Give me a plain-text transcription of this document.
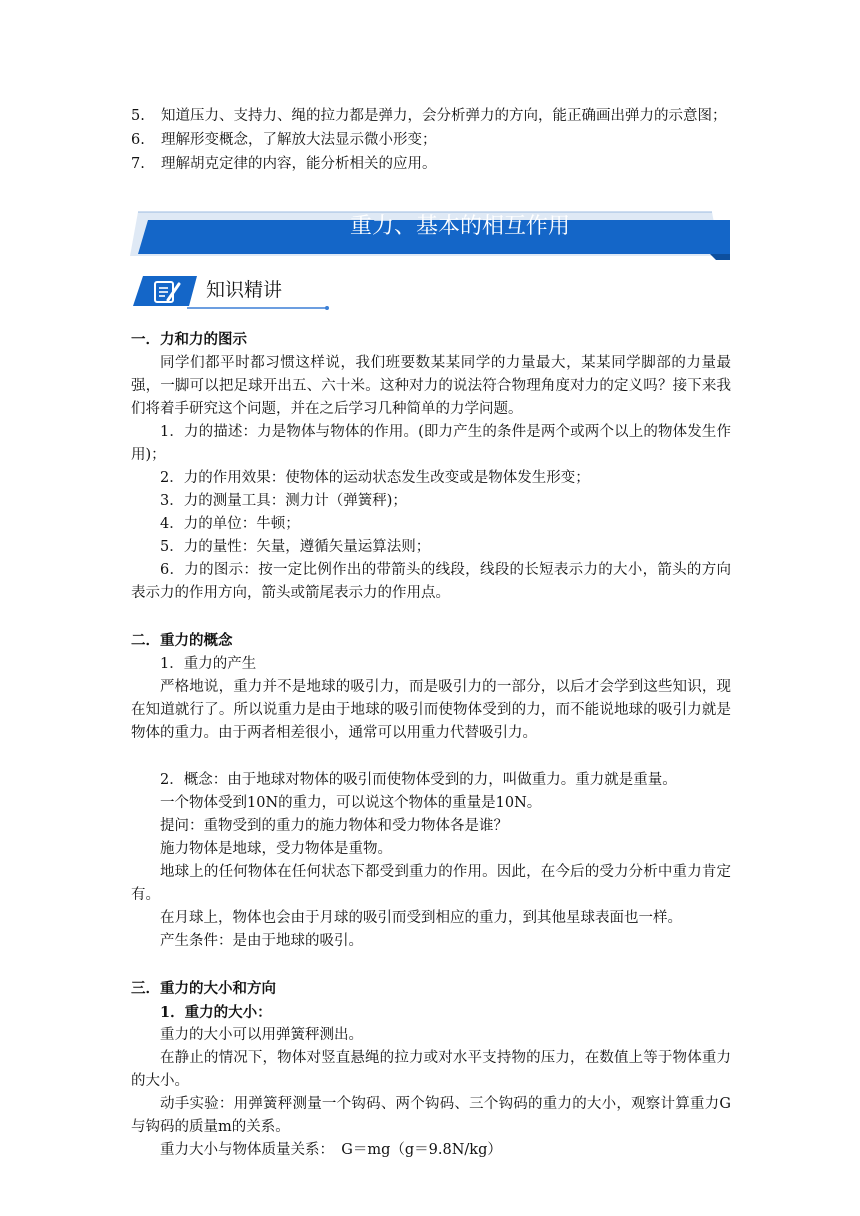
5. 知道压力、支持力、绳的拉力都是弹力，会分析弹力的方向，能正确画出弹力的示意图；
6. 理解形变概念，了解放大法显示微小形变；
7. 理解胡克定律的内容，能分析相关的应用。
重力、基本的相互作用
知识精讲

一．力和力的图示

同学们都平时都习惯这样说，我们班要数某某同学的力量最大，某某同学脚部的力量最强，一脚可以把足球开出五、六十米。这种对力的说法符合物理角度对力的定义吗？接下来我们将着手研究这个问题，并在之后学习几种简单的力学问题。

1．力的描述：力是物体与物体的作用。(即力产生的条件是两个或两个以上的物体发生作用)；

2．力的作用效果：使物体的运动状态发生改变或是物体发生形变；

3．力的测量工具：测力计（弹簧秤)；

4．力的单位：牛顿；

5．力的量性：矢量，遵循矢量运算法则；

6．力的图示：按一定比例作出的带箭头的线段，线段的长短表示力的大小，箭头的方向表示力的作用方向，箭头或箭尾表示力的作用点。

二．重力的概念

1．重力的产生

严格地说，重力并不是地球的吸引力，而是吸引力的一部分，以后才会学到这些知识，现在知道就行了。所以说重力是由于地球的吸引而使物体受到的力，而不能说地球的吸引力就是物体的重力。由于两者相差很小，通常可以用重力代替吸引力。

2．概念：由于地球对物体的吸引而使物体受到的力，叫做重力。重力就是重量。

一个物体受到10N的重力，可以说这个物体的重量是10N。

提问：重物受到的重力的施力物体和受力物体各是谁？

施力物体是地球，受力物体是重物。

地球上的任何物体在任何状态下都受到重力的作用。因此，在今后的受力分析中重力肯定有。

在月球上，物体也会由于月球的吸引而受到相应的重力，到其他星球表面也一样。

产生条件：是由于地球的吸引。

三．重力的大小和方向

1．重力的大小：

重力的大小可以用弹簧秤测出。

在静止的情况下，物体对竖直悬绳的拉力或对水平支持物的压力，在数值上等于物体重力的大小。

动手实验：用弹簧秤测量一个钩码、两个钩码、三个钩码的重力的大小，观察计算重力G与钩码的质量m的关系。

重力大小与物体质量关系：　G＝mg（g＝9.8N/kg）
